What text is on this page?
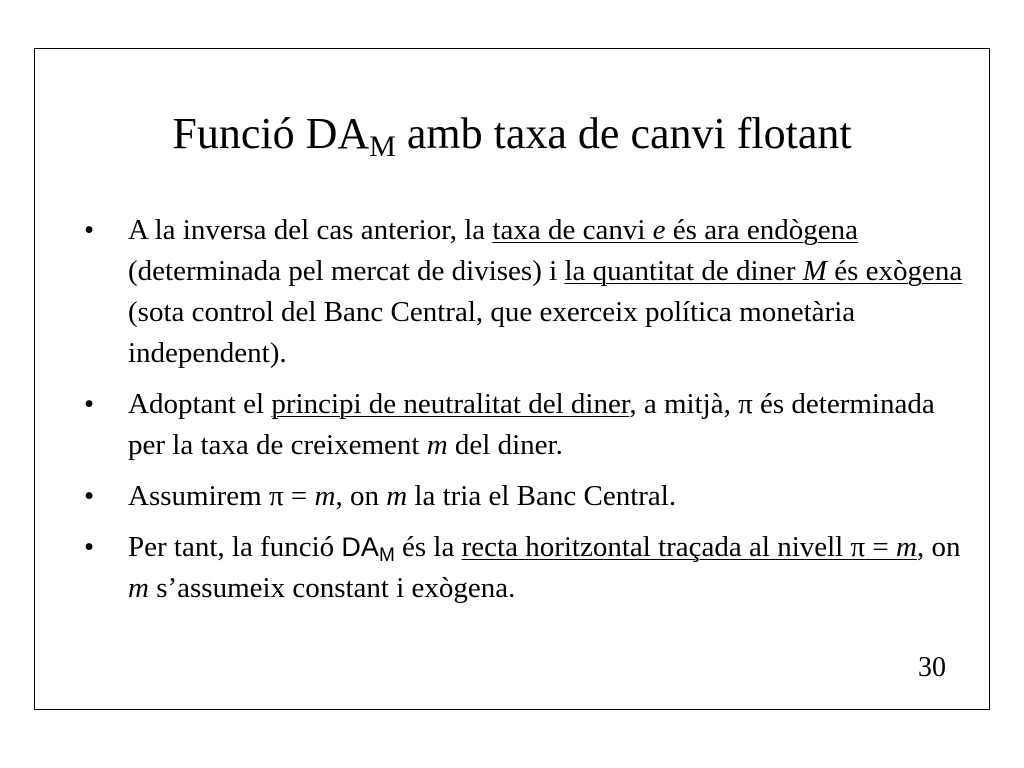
Funció $DA_M$ amb taxa de canvi flotant
• A la inversa del cas anterior, la taxa de canvi e és ara endògena (determinada pel mercat de divises) i la quantitat de diner M és exògena (sota control del Banc Central, que exerceix política monetària independent).
• Adoptant el principi de neutralitat del diner, a mitjà, π és determinada per la taxa de creixement m del diner.
• Assumirem π = m, on m la tria el Banc Central.
• Per tant, la funció $DA_M$ és la recta horitzontal traçada al nivell π = m, on m s’assumeix constant i exògena.
30
